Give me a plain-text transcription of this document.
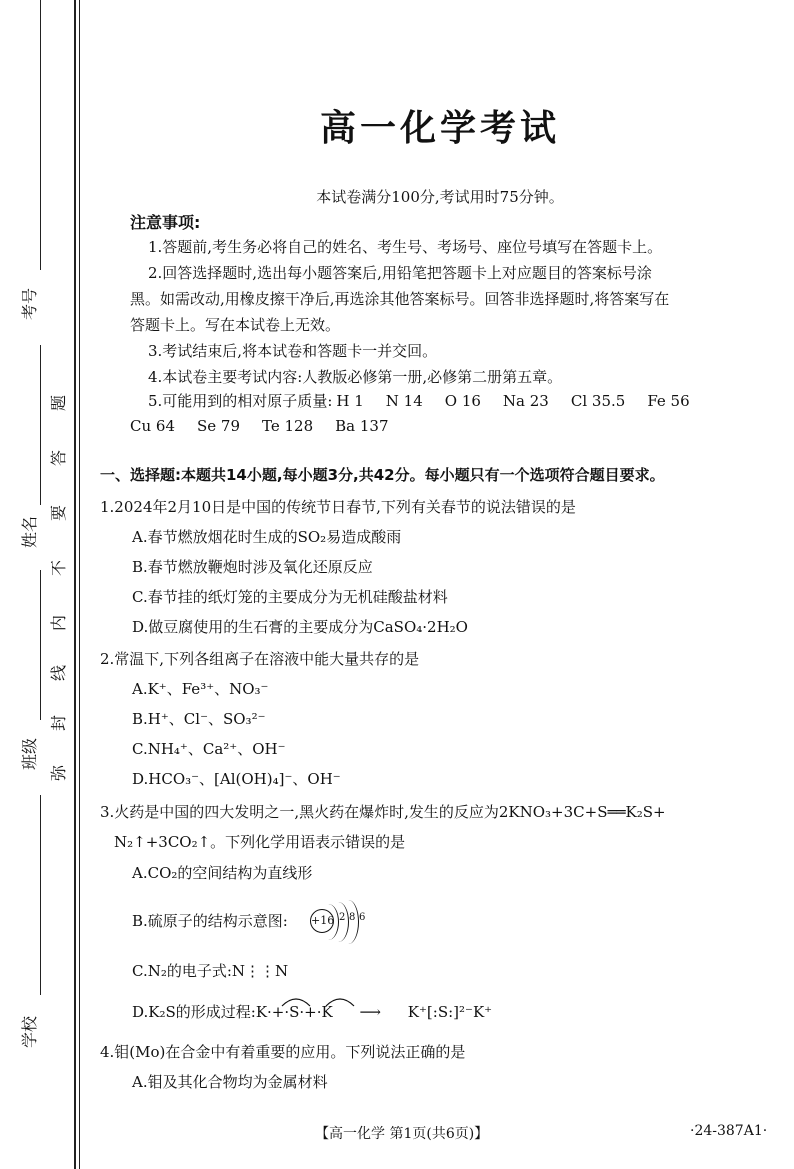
考号
姓名
班级
学校
题
答
要
不
内
线
封
弥
高一化学考试
本试卷满分100分,考试用时75分钟。
注意事项:
1.答题前,考生务必将自己的姓名、考生号、考场号、座位号填写在答题卡上。
2.回答选择题时,选出每小题答案后,用铅笔把答题卡上对应题目的答案标号涂
黑。如需改动,用橡皮擦干净后,再选涂其他答案标号。回答非选择题时,将答案写在
答题卡上。写在本试卷上无效。
3.考试结束后,将本试卷和答题卡一并交回。
4.本试卷主要考试内容:人教版必修第一册,必修第二册第五章。
5.可能用到的相对原子质量: H 1 N 14 O 16 Na 23 Cl 35.5 Fe 56
Cu 64 Se 79 Te 128 Ba 137
一、选择题:本题共14小题,每小题3分,共42分。每小题只有一个选项符合题目要求。
1.2024年2月10日是中国的传统节日春节,下列有关春节的说法错误的是
A.春节燃放烟花时生成的SO₂易造成酸雨
B.春节燃放鞭炮时涉及氧化还原反应
C.春节挂的纸灯笼的主要成分为无机硅酸盐材料
D.做豆腐使用的生石膏的主要成分为CaSO₄·2H₂O
2.常温下,下列各组离子在溶液中能大量共存的是
A.K⁺、Fe³⁺、NO₃⁻
B.H⁺、Cl⁻、SO₃²⁻
C.NH₄⁺、Ca²⁺、OH⁻
D.HCO₃⁻、[Al(OH)₄]⁻、OH⁻
3.火药是中国的四大发明之一,黑火药在爆炸时,发生的反应为2KNO₃+3C+S══K₂S+
N₂↑+3CO₂↑。下列化学用语表示错误的是
A.CO₂的空间结构为直线形
B.硫原子的结构示意图: +16 2 8 6
C.N₂的电子式:N⋮⋮N
D.K₂S的形成过程:K·+·S·+·K ⟶ K⁺[:S:]²⁻K⁺
4.钼(Mo)在合金中有着重要的应用。下列说法正确的是
A.钼及其化合物均为金属材料
【高一化学 第1页(共6页)】	·24-387A1·
